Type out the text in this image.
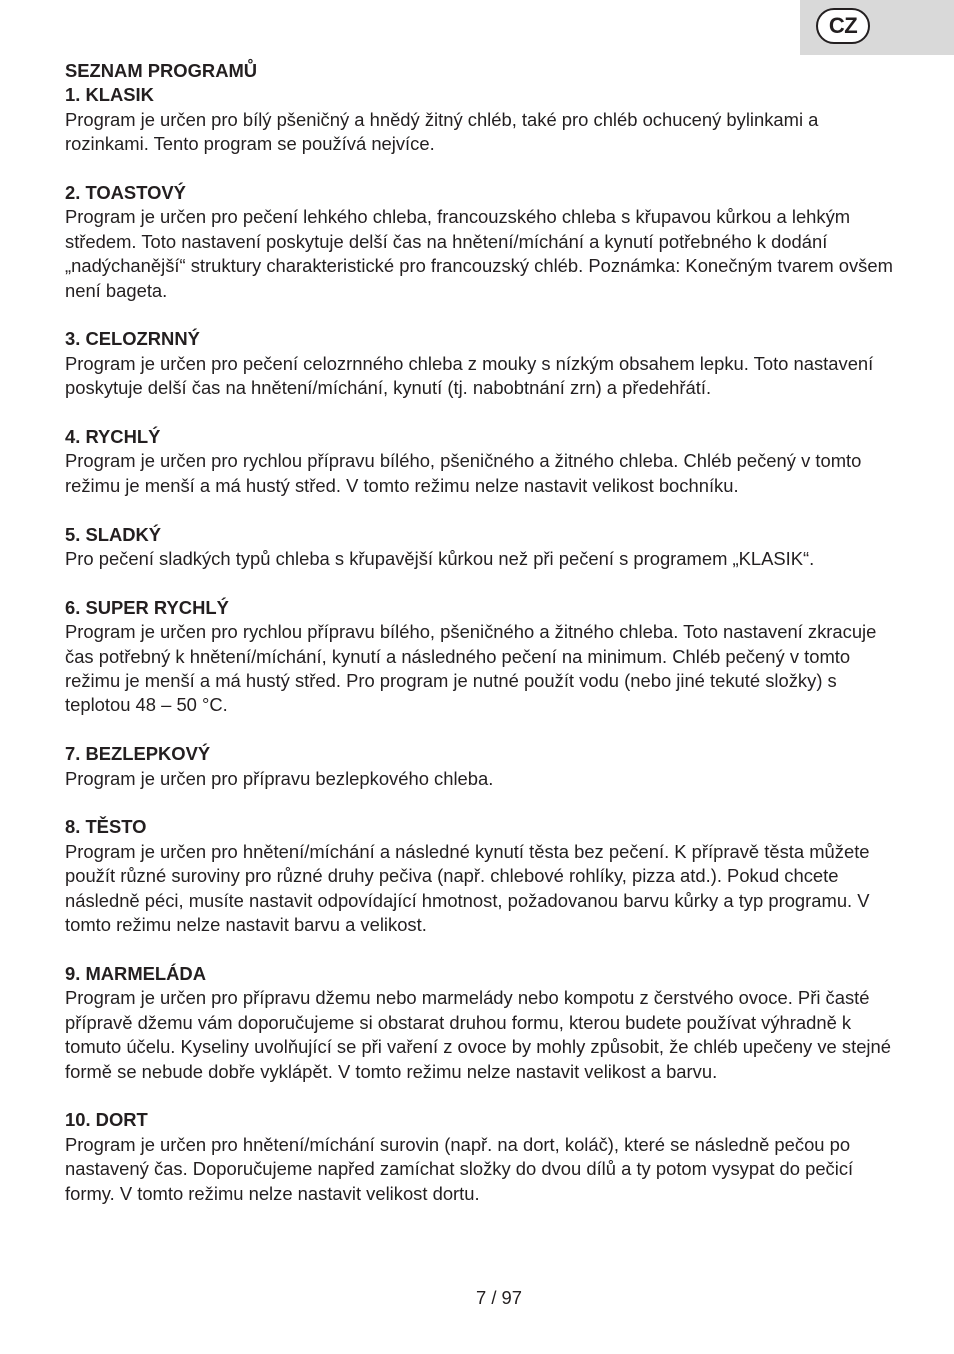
CZ
SEZNAM PROGRAMŮ
1. KLASIK

Program je určen pro bílý pšeničný a hnědý žitný chléb, také pro chléb ochucený bylinkami a rozinkami. Tento program se používá nejvíce.

2. TOASTOVÝ

Program je určen pro pečení lehkého chleba, francouzského chleba s křupavou kůrkou a lehkým středem. Toto nastavení poskytuje delší čas na hnětení/míchání a kynutí potřebného k dodání „nadýchanější“ struktury charakteristické pro francouzský chléb. Poznámka: Konečným tvarem ovšem není bageta.

3. CELOZRNNÝ

Program je určen pro pečení celozrnného chleba z mouky s nízkým obsahem lepku. Toto nastavení poskytuje delší čas na hnětení/míchání, kynutí (tj. nabobtnání zrn) a předehřátí.

4. RYCHLÝ

Program je určen pro rychlou přípravu bílého, pšeničného a žitného chleba. Chléb pečený v tomto režimu je menší a má hustý střed. V tomto režimu nelze nastavit velikost bochníku.

5. SLADKÝ

Pro pečení sladkých typů chleba s křupavější kůrkou než při pečení s programem „KLASIK“.

6. SUPER RYCHLÝ

Program je určen pro rychlou přípravu bílého, pšeničného a žitného chleba. Toto nastavení zkracuje čas potřebný k hnětení/míchání, kynutí a následného pečení na minimum. Chléb pečený v tomto režimu je menší a má hustý střed. Pro program je nutné použít vodu (nebo jiné tekuté složky) s teplotou 48 – 50 °C.

7. BEZLEPKOVÝ

Program je určen pro přípravu bezlepkového chleba.

8. TĚSTO

Program je určen pro hnětení/míchání a následné kynutí těsta bez pečení. K přípravě těsta můžete použít různé suroviny pro různé druhy pečiva (např. chlebové rohlíky, pizza atd.). Pokud chcete následně péci, musíte nastavit odpovídající hmotnost, požadovanou barvu kůrky a typ programu. V tomto režimu nelze nastavit barvu a velikost.

9. MARMELÁDA

Program je určen pro přípravu džemu nebo marmelády nebo kompotu z čerstvého ovoce. Při časté přípravě džemu vám doporučujeme si obstarat druhou formu, kterou budete používat výhradně k tomuto účelu. Kyseliny uvolňující se při vaření z ovoce by mohly způsobit, že chléb upečeny ve stejné formě se nebude dobře vyklápět. V tomto režimu nelze nastavit velikost a barvu.

10. DORT

Program je určen pro hnětení/míchání surovin (např. na dort, koláč), které se následně pečou po nastavený čas. Doporučujeme napřed zamíchat složky do dvou dílů a ty potom vysypat do pečicí formy. V tomto režimu nelze nastavit velikost dortu.

7 / 97
